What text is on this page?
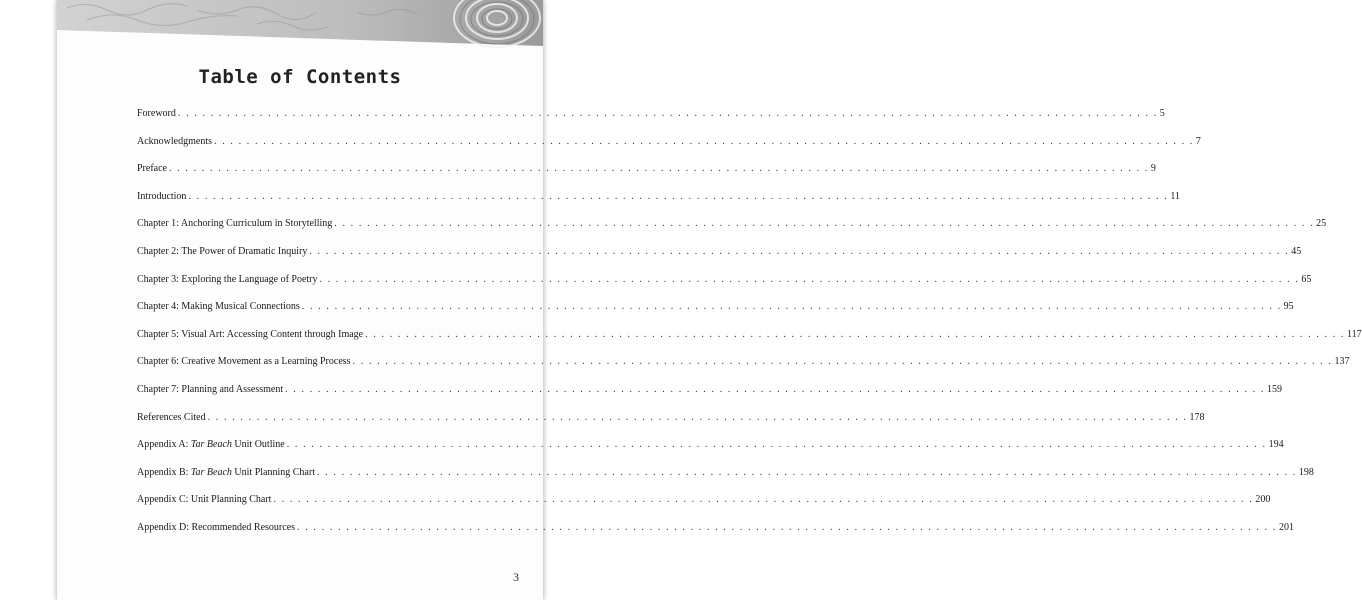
Table of Contents
Foreword . . . . . . . . . . . . . . . . . . . . . . . . . . . . . . . . . . . . . . . . . . . . . . . . . . . . . . . . . . . . . . . . . . . . . . . . . . . . . . . . . . . . . . . . . . . . . . . . . . . . . . . . . . . . . . . . . . . . . . . . 5
Acknowledgments . . . . . . . . . . . . . . . . . . . . . . . . . . . . . . . . . . . . . . . . . . . . . . . . . . . . . . . . . . . . . . . . . . . . . . . . . . . . . . . . . . . . . . . . . . . . . . . . . . . . . . . . . . . . . . . . . . . . . . . . 7
Preface . . . . . . . . . . . . . . . . . . . . . . . . . . . . . . . . . . . . . . . . . . . . . . . . . . . . . . . . . . . . . . . . . . . . . . . . . . . . . . . . . . . . . . . . . . . . . . . . . . . . . . . . . . . . . . . . . . . . . . . . 9
Introduction . . . . . . . . . . . . . . . . . . . . . . . . . . . . . . . . . . . . . . . . . . . . . . . . . . . . . . . . . . . . . . . . . . . . . . . . . . . . . . . . . . . . . . . . . . . . . . . . . . . . . . . . . . . . . . . . . . . . . . . . 11
Chapter 1: Anchoring Curriculum in Storytelling . . . . . . . . . . . . . . . . . . . . . . . . . . . . . . . . . . . . . . . . . . . . . . . . . . . . . . . . . . . . . . . . . . . . . . . . . . . . . . . . . . . . . . . . . . . . . . . . . . . . . . . . . . . . . . . . . . . . . . . . 25
Chapter 2: The Power of Dramatic Inquiry . . . . . . . . . . . . . . . . . . . . . . . . . . . . . . . . . . . . . . . . . . . . . . . . . . . . . . . . . . . . . . . . . . . . . . . . . . . . . . . . . . . . . . . . . . . . . . . . . . . . . . . . . . . . . . . . . . . . . . . . 45
Chapter 3: Exploring the Language of Poetry . . . . . . . . . . . . . . . . . . . . . . . . . . . . . . . . . . . . . . . . . . . . . . . . . . . . . . . . . . . . . . . . . . . . . . . . . . . . . . . . . . . . . . . . . . . . . . . . . . . . . . . . . . . . . . . . . . . . . . . . 65
Chapter 4: Making Musical Connections . . . . . . . . . . . . . . . . . . . . . . . . . . . . . . . . . . . . . . . . . . . . . . . . . . . . . . . . . . . . . . . . . . . . . . . . . . . . . . . . . . . . . . . . . . . . . . . . . . . . . . . . . . . . . . . . . . . . . . . . 95
Chapter 5: Visual Art: Accessing Content through Image . . . . . . . . . . . . . . . . . . . . . . . . . . . . . . . . . . . . . . . . . . . . . . . . . . . . . . . . . . . . . . . . . . . . . . . . . . . . . . . . . . . . . . . . . . . . . . . . . . . . . . . . . . . . . . . . . . . . . . . . 117
Chapter 6: Creative Movement as a Learning Process . . . . . . . . . . . . . . . . . . . . . . . . . . . . . . . . . . . . . . . . . . . . . . . . . . . . . . . . . . . . . . . . . . . . . . . . . . . . . . . . . . . . . . . . . . . . . . . . . . . . . . . . . . . . . . . . . . . . . . . . 137
Chapter 7: Planning and Assessment . . . . . . . . . . . . . . . . . . . . . . . . . . . . . . . . . . . . . . . . . . . . . . . . . . . . . . . . . . . . . . . . . . . . . . . . . . . . . . . . . . . . . . . . . . . . . . . . . . . . . . . . . . . . . . . . . . . . . . . . 159
References Cited . . . . . . . . . . . . . . . . . . . . . . . . . . . . . . . . . . . . . . . . . . . . . . . . . . . . . . . . . . . . . . . . . . . . . . . . . . . . . . . . . . . . . . . . . . . . . . . . . . . . . . . . . . . . . . . . . . . . . . . . 178
Appendix A: Tar Beach Unit Outline . . . . . . . . . . . . . . . . . . . . . . . . . . . . . . . . . . . . . . . . . . . . . . . . . . . . . . . . . . . . . . . . . . . . . . . . . . . . . . . . . . . . . . . . . . . . . . . . . . . . . . . . . . . . . . . . . . . . . . . . 194
Appendix B: Tar Beach Unit Planning Chart . . . . . . . . . . . . . . . . . . . . . . . . . . . . . . . . . . . . . . . . . . . . . . . . . . . . . . . . . . . . . . . . . . . . . . . . . . . . . . . . . . . . . . . . . . . . . . . . . . . . . . . . . . . . . . . . . . . . . . . . 198
Appendix C: Unit Planning Chart . . . . . . . . . . . . . . . . . . . . . . . . . . . . . . . . . . . . . . . . . . . . . . . . . . . . . . . . . . . . . . . . . . . . . . . . . . . . . . . . . . . . . . . . . . . . . . . . . . . . . . . . . . . . . . . . . . . . . . . . 200
Appendix D: Recommended Resources . . . . . . . . . . . . . . . . . . . . . . . . . . . . . . . . . . . . . . . . . . . . . . . . . . . . . . . . . . . . . . . . . . . . . . . . . . . . . . . . . . . . . . . . . . . . . . . . . . . . . . . . . . . . . . . . . . . . . . . . 201
3
